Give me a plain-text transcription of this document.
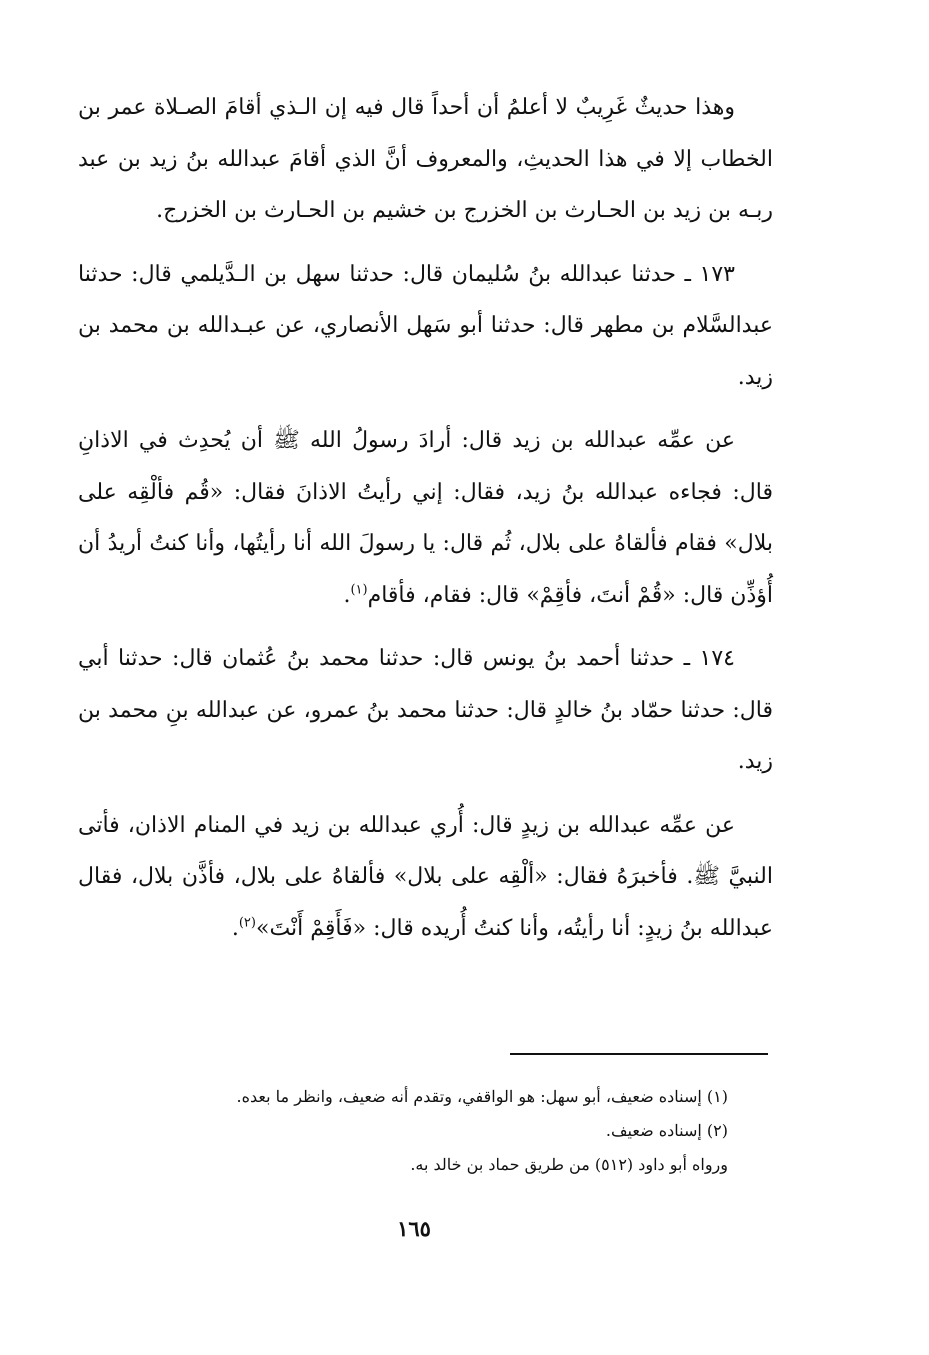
وهذا حديثٌ غَرِيبٌ لا أعلمُ أن أحداً قال فيه إن الـذي أقامَ الصـلاة عمر بن الخطاب إلا في هذا الحديثِ، والمعروف أنَّ الذي أقامَ عبدالله بنُ زيد بن عبد ربـه بن زيد بن الحـارث بن الخزرج بن خشيم بن الحـارث بن الخزرج.

١٧٣ ـ حدثنا عبدالله بنُ سُليمان قال: حدثنا سهل بن الـدَّيلمي قال: حدثنا عبدالسَّلام بن مطهر قال: حدثنا أبو سَهل الأنصاري، عن عبـدالله بن محمد بن زيد.

عن عمِّه عبدالله بن زيد قال: أرادَ رسولُ الله ﷺ أن يُحدِث في الاذانِ قال: فجاءه عبدالله بنُ زيد، فقال: إني رأيتُ الاذانَ فقال: «قُم فألْقِه على بلال» فقام فألقاهُ على بلال، ثُم قال: يا رسولَ الله أنا رأيتُها، وأنا كنتُ أريدُ أن أُؤذِّن قال: «قُمْ أنتَ، فأقِمْ» قال: فقام، فأقام$^{(١)}$.

١٧٤ ـ حدثنا أحمد بنُ يونس قال: حدثنا محمد بنُ عُثمان قال: حدثنا أبي قال: حدثنا حمّاد بنُ خالدٍ قال: حدثنا محمد بنُ عمرو، عن عبدالله بنِ محمد بن زيد.

عن عمِّه عبدالله بن زيدٍ قال: أُري عبدالله بن زيد في المنام الاذان، فأتى النبيَّ ﷺ. فأخبرَهُ فقال: «ألْقِه على بلال» فألقاهُ على بلال، فأذَّن بلال، فقال عبدالله بنُ زيدٍ: أنا رأيتُه، وأنا كنتُ أُريده قال: «فَأَقِمْ أَنْتَ»$^{(٢)}$.

(١) إسناده ضعيف، أبو سهل: هو الواقفي، وتقدم أنه ضعيف، وانظر ما بعده.

(٢) إسناده ضعيف.

ورواه أبو داود (٥١٢) من طريق حماد بن خالد به.

١٦٥
